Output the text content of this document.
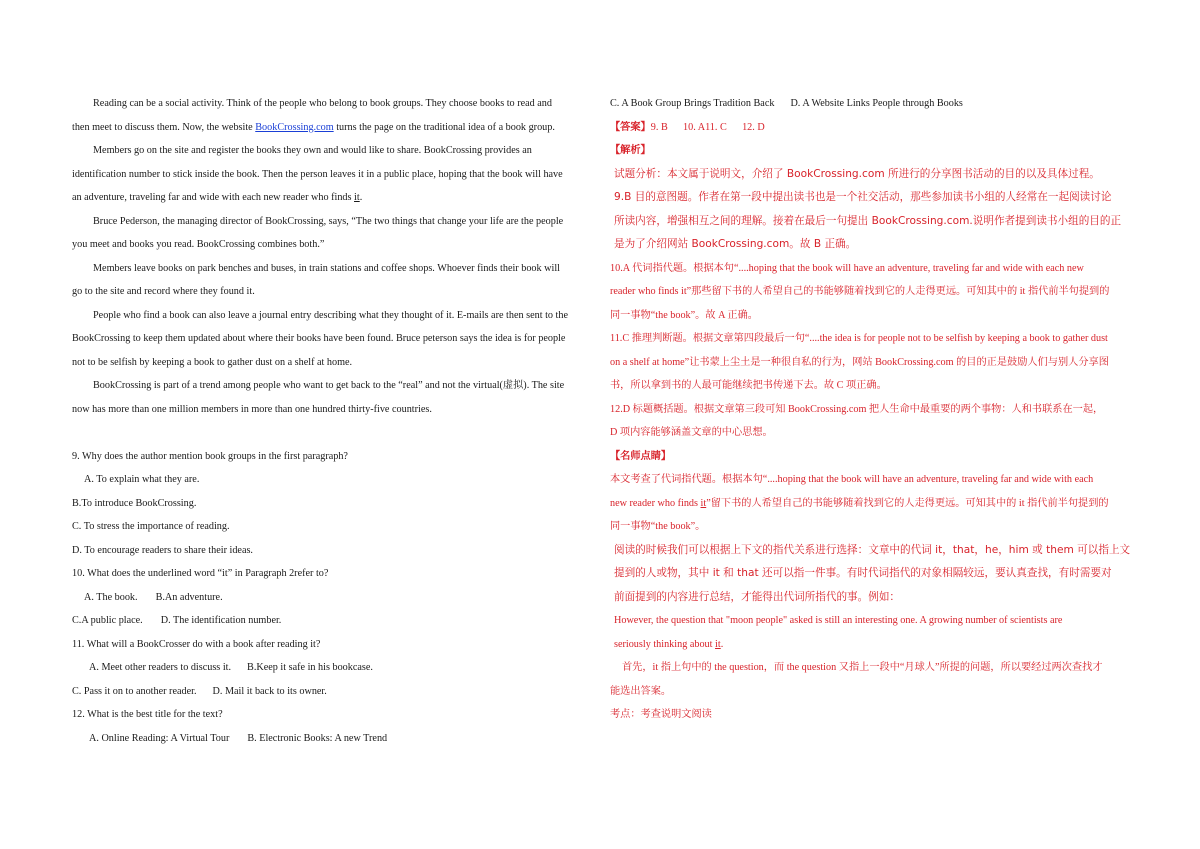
Reading can be a social activity. Think of the people who belong to book groups. They choose books to read and
then meet to discuss them. Now, the website BookCrossing.com turns the page on the traditional idea of a book group.
Members go on the site and register the books they own and would like to share. BookCrossing provides an
identification number to stick inside the book. Then the person leaves it in a public place, hoping that the book will have
an adventure, traveling far and wide with each new reader who finds it.
Bruce Pederson, the managing director of BookCrossing, says, “The two things that change your life are the people
you meet and books you read. BookCrossing combines both.”
Members leave books on park benches and buses, in train stations and coffee shops. Whoever finds their book will
go to the site and record where they found it.
People who find a book can also leave a journal entry describing what they thought of it. E-mails are then sent to the
BookCrossing to keep them updated about where their books have been found. Bruce peterson says the idea is for people
not to be selfish by keeping a book to gather dust on a shelf at home.
BookCrossing is part of a trend among people who want to get back to the “real” and not the virtual(虚拟). The site
now has more than one million members in more than one hundred thirty-five countries.
9. Why does the author mention book groups in the first paragraph?
A. To explain what they are.
B.To introduce BookCrossing.
C. To stress the importance of reading.
D. To encourage readers to share their ideas.
10. What does the underlined word “it” in Paragraph 2refer to?
A. The book. B.An adventure.
C.A public place. D. The identification number.
11. What will a BookCrosser do with a book after reading it?
A. Meet other readers to discuss it. B.Keep it safe in his bookcase.
C. Pass it on to another reader. D. Mail it back to its owner.
12. What is the best title for the text?
A. Online Reading: A Virtual Tour B. Electronic Books: A new Trend
C. A Book Group Brings Tradition Back D. A Website Links People through Books
【答案】9. B      10. A11. C      12. D
【解析】
试题分析：本文属于说明文，介绍了 BookCrossing.com 所进行的分享图书活动的目的以及具体过程。
9.B 目的意图题。作者在第一段中提出读书也是一个社交活动，那些参加读书小组的人经常在一起阅读讨论
所读内容，增强相互之间的理解。接着在最后一句提出 BookCrossing.com.说明作者提到读书小组的目的正
是为了介绍网站 BookCrossing.com。故 B 正确。
10.A 代词指代题。根据本句“....hoping that the book will have an adventure, traveling far and wide with each new
reader who finds it”那些留下书的人希望自己的书能够随着找到它的人走得更远。可知其中的 it 指代前半句提到的
同一事物“the book”。故 A 正确。
11.C 推理判断题。根据文章第四段最后一句“....the idea is for people not to be selfish by keeping a book to gather dust
on a shelf at home”让书蒙上尘土是一种很自私的行为，网站 BookCrossing.com 的目的正是鼓励人们与别人分享图
书，所以拿到书的人最可能继续把书传递下去。故 C 项正确。
12.D 标题概括题。根据文章第三段可知 BookCrossing.com 把人生命中最重要的两个事物：人和书联系在一起，
D 项内容能够涵盖文章的中心思想。
【名师点睛】
本文考查了代词指代题。根据本句“....hoping that the book will have an adventure, traveling far and wide with each
new reader who finds it”留下书的人希望自己的书能够随着找到它的人走得更远。可知其中的 it 指代前半句提到的
同一事物“the book”。
阅读的时候我们可以根据上下文的指代关系进行选择：文章中的代词 it，that，he，him 或 them 可以指上文
提到的人或物，其中 it 和 that 还可以指一件事。有时代词指代的对象相隔较远，要认真查找，有时需要对
前面提到的内容进行总结，才能得出代词所指代的事。例如：
However, the question that "moon people" asked is still an interesting one. A growing number of scientists are
seriously thinking about it.
首先，it 指上句中的 the question，而 the question 又指上一段中“月球人”所提的问题，所以要经过两次查找才
能选出答案。
考点：考查说明文阅读
